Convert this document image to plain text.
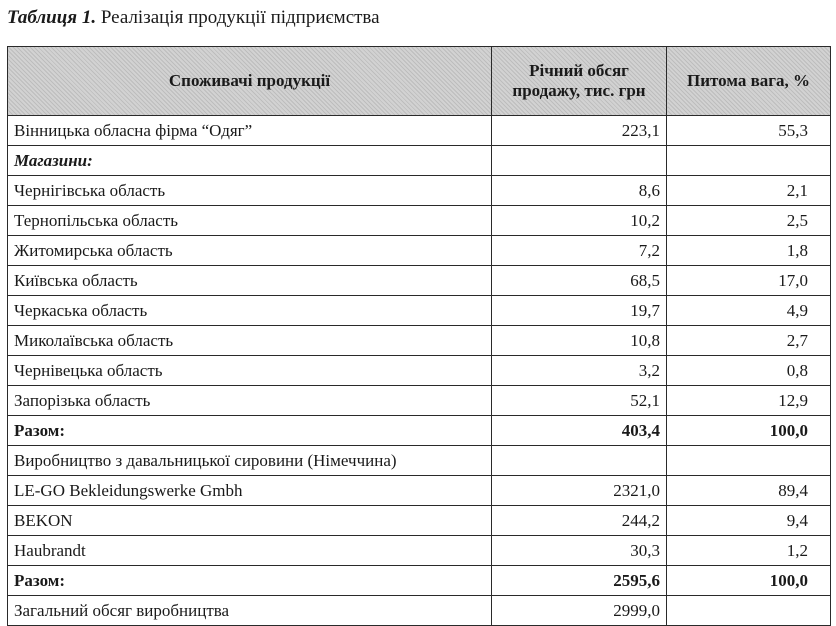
Таблиця 1. Реалізація продукції підприємства
Споживачі продукції	Річний обсяг продажу, тис. грн	Питома вага, %
Вінницька обласна фірма “Одяг”	223,1	55,3
Магазини:		
Чернігівська область	8,6	2,1
Тернопільська область	10,2	2,5
Житомирська область	7,2	1,8
Київська область	68,5	17,0
Черкаська область	19,7	4,9
Миколаївська область	10,8	2,7
Чернівецька область	3,2	0,8
Запорізька область	52,1	12,9
Разом:	403,4	100,0
Виробництво з давальницької сировини (Німеччина)		
LE-GO Bekleidungswerke Gmbh	2321,0	89,4
BEKON	244,2	9,4
Haubrandt	30,3	1,2
Разом:	2595,6	100,0
Загальний обсяг виробництва	2999,0	
